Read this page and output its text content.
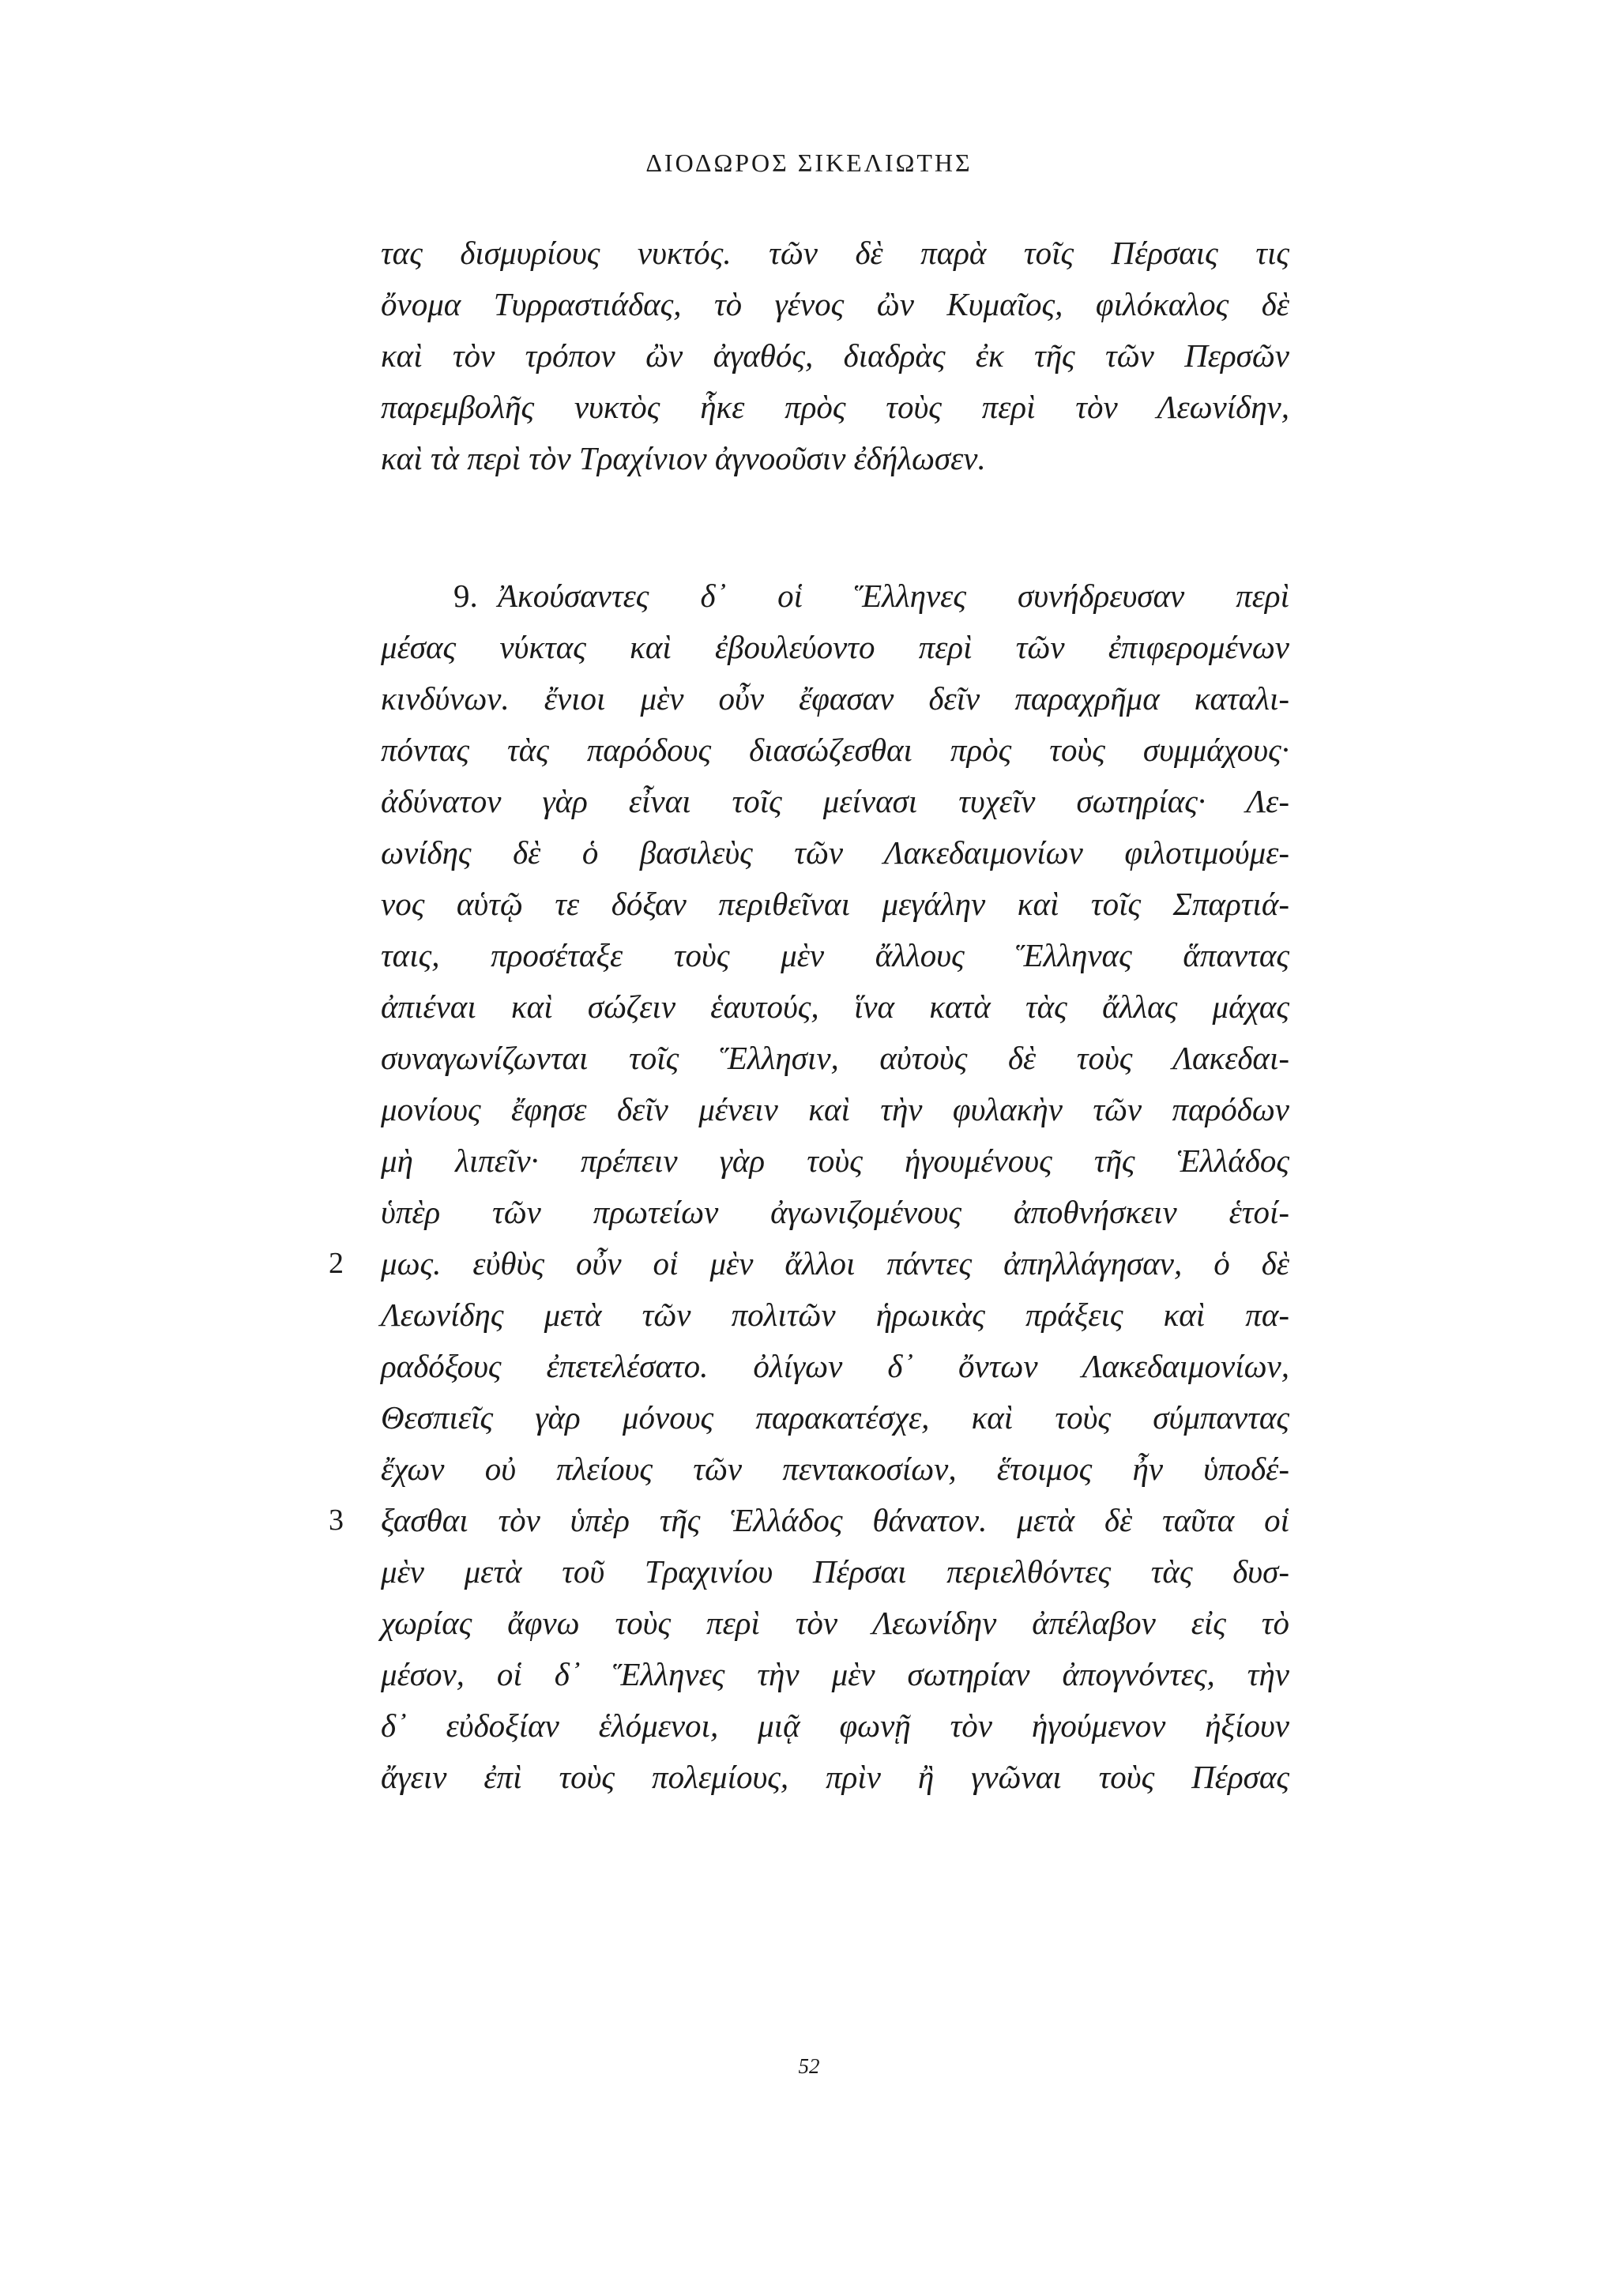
ΔΙΟΔΩΡΟΣ ΣΙΚΕΛΙΩΤΗΣ
τας δισμυρίους νυκτός. τῶν δὲ παρὰ τοῖς Πέρσαις τις
ὄνομα Τυρραστιάδας, τὸ γένος ὢν Κυμαῖος, φιλόκαλος δὲ
καὶ τὸν τρόπον ὢν ἀγαθός, διαδρὰς ἐκ τῆς τῶν Περσῶν
παρεμβολῆς νυκτὸς ἧκε πρὸς τοὺς περὶ τὸν Λεωνίδην,
καὶ τὰ περὶ τὸν Τραχίνιον ἀγνοοῦσιν ἐδήλωσεν.
9. Ἀκούσαντες δ᾽ οἱ Ἕλληνες συνήδρευσαν περὶ
μέσας νύκτας καὶ ἐβουλεύοντο περὶ τῶν ἐπιφερομένων
κινδύνων. ἔνιοι μὲν οὖν ἔφασαν δεῖν παραχρῆμα καταλι-
πόντας τὰς παρόδους διασώζεσθαι πρὸς τοὺς συμμάχους·
ἀδύνατον γὰρ εἶναι τοῖς μείνασι τυχεῖν σωτηρίας· Λε-
ωνίδης δὲ ὁ βασιλεὺς τῶν Λακεδαιμονίων φιλοτιμούμε-
νος αὑτῷ τε δόξαν περιθεῖναι μεγάλην καὶ τοῖς Σπαρτιά-
ταις, προσέταξε τοὺς μὲν ἄλλους Ἕλληνας ἅπαντας
ἀπιέναι καὶ σώζειν ἑαυτούς, ἵνα κατὰ τὰς ἄλλας μάχας
συναγωνίζωνται τοῖς Ἕλλησιν, αὐτοὺς δὲ τοὺς Λακεδαι-
μονίους ἔφησε δεῖν μένειν καὶ τὴν φυλακὴν τῶν παρόδων
μὴ λιπεῖν· πρέπειν γὰρ τοὺς ἡγουμένους τῆς Ἑλλάδος
ὑπὲρ τῶν πρωτείων ἀγωνιζομένους ἀποθνήσκειν ἑτοί-
2 μως. εὐθὺς οὖν οἱ μὲν ἄλλοι πάντες ἀπηλλάγησαν, ὁ δὲ
Λεωνίδης μετὰ τῶν πολιτῶν ἡρωικὰς πράξεις καὶ πα-
ραδόξους ἐπετελέσατο. ὀλίγων δ᾽ ὄντων Λακεδαιμονίων,
Θεσπιεῖς γὰρ μόνους παρακατέσχε, καὶ τοὺς σύμπαντας
ἔχων οὐ πλείους τῶν πεντακοσίων, ἕτοιμος ἦν ὑποδέ-
3 ξασθαι τὸν ὑπὲρ τῆς Ἑλλάδος θάνατον. μετὰ δὲ ταῦτα οἱ
μὲν μετὰ τοῦ Τραχινίου Πέρσαι περιελθόντες τὰς δυσ-
χωρίας ἄφνω τοὺς περὶ τὸν Λεωνίδην ἀπέλαβον εἰς τὸ
μέσον, οἱ δ᾽ Ἕλληνες τὴν μὲν σωτηρίαν ἀπογνόντες, τὴν
δ᾽ εὐδοξίαν ἑλόμενοι, μιᾷ φωνῇ τὸν ἡγούμενον ἠξίουν
ἄγειν ἐπὶ τοὺς πολεμίους, πρὶν ἢ γνῶναι τοὺς Πέρσας
52
